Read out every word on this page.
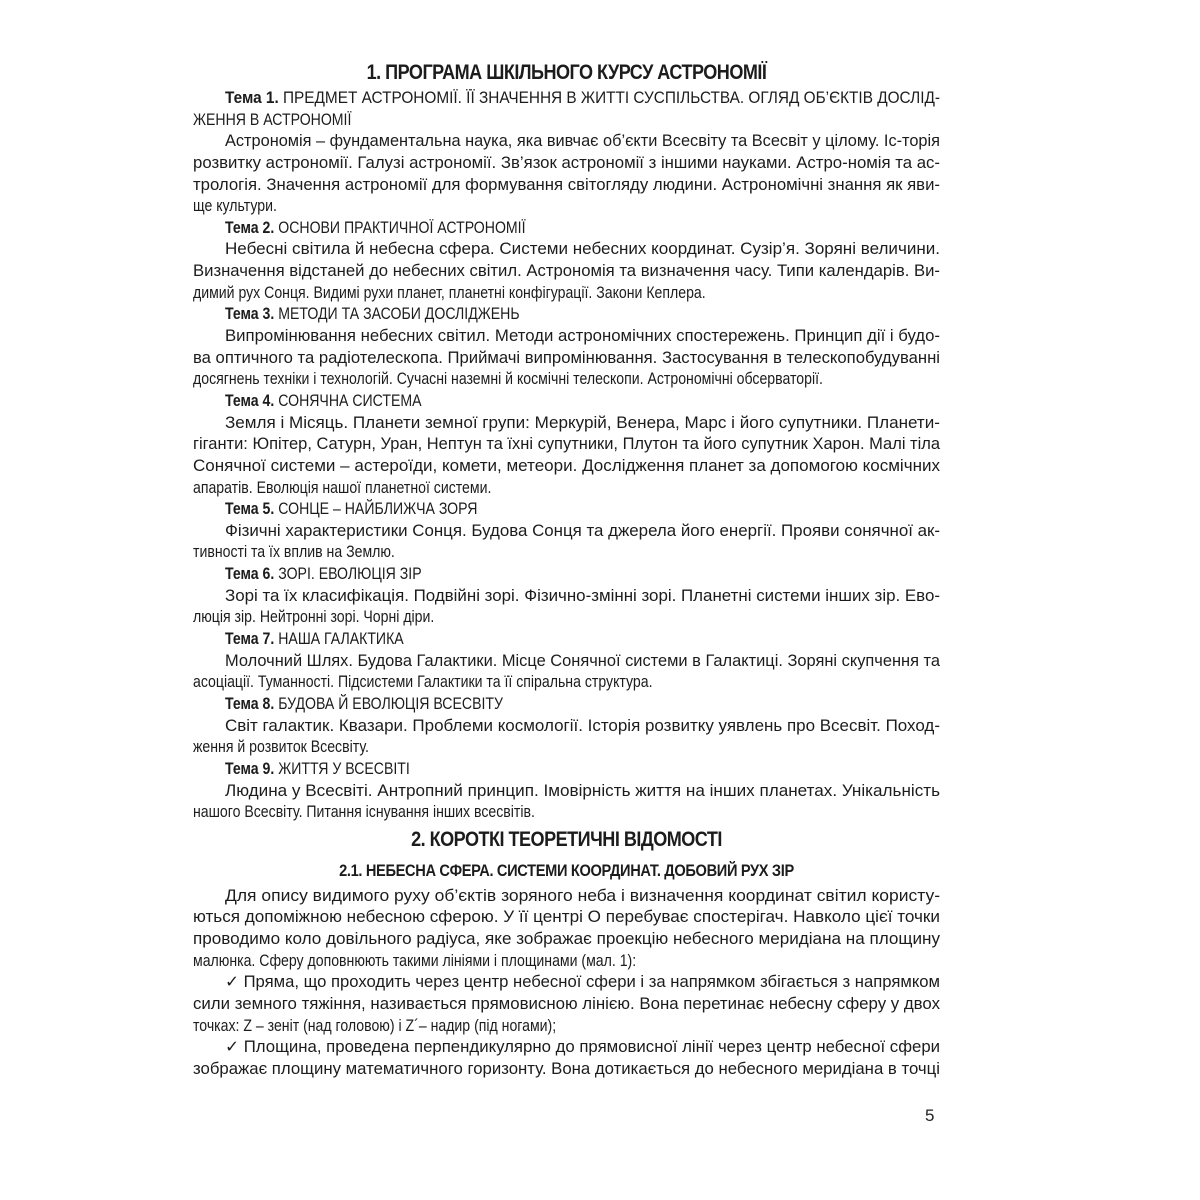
1. ПРОГРАМА ШКІЛЬНОГО КУРСУ АСТРОНОМІЇ
Тема 1. ПРЕДМЕТ АСТРОНОМІЇ. ЇЇ ЗНАЧЕННЯ В ЖИТТІ СУСПІЛЬСТВА. ОГЛЯД ОБ’ЄКТІВ ДОСЛІД-
ЖЕННЯ В АСТРОНОМІЇ
Астрономія – фундаментальна наука, яка вивчає об’єкти Всесвіту та Всесвіт у цілому. Іс-торія
розвитку астрономії. Галузі астрономії. Зв’язок астрономії з іншими науками. Астро-номія та ас-
трологія. Значення астрономії для формування світогляду людини. Астрономічні знання як яви-
ще культури.
Тема 2. ОСНОВИ ПРАКТИЧНОЇ АСТРОНОМІЇ
Небесні світила й небесна сфера. Системи небесних координат. Сузір’я. Зоряні величини.
Визначення відстаней до небесних світил. Астрономія та визначення часу. Типи календарів. Ви-
димий рух Сонця. Видимі рухи планет, планетні конфігурації. Закони Кеплера.
Тема 3. МЕТОДИ ТА ЗАСОБИ ДОСЛІДЖЕНЬ
Випромінювання небесних світил. Методи астрономічних спостережень. Принцип дії і будо-
ва оптичного та радіотелескопа. Приймачі випромінювання. Застосування в телескопобудуванні
досягнень техніки і технологій. Сучасні наземні й космічні телескопи. Астрономічні обсерваторії.
Тема 4. СОНЯЧНА СИСТЕМА
Земля і Місяць. Планети земної групи: Меркурій, Венера, Марс і його супутники. Планети-
гіганти: Юпітер, Сатурн, Уран, Нептун та їхні супутники, Плутон та його супутник Харон. Малі тіла
Сонячної системи – астероїди, комети, метеори. Дослідження планет за допомогою космічних
апаратів. Еволюція нашої планетної системи.
Тема 5. СОНЦЕ – НАЙБЛИЖЧА ЗОРЯ
Фізичні характеристики Сонця. Будова Сонця та джерела його енергії. Прояви сонячної ак-
тивності та їх вплив на Землю.
Тема 6. ЗОРІ. ЕВОЛЮЦІЯ ЗІР
Зорі та їх класифікація. Подвійні зорі. Фізично-змінні зорі. Планетні системи інших зір. Ево-
люція зір. Нейтронні зорі. Чорні діри.
Тема 7. НАША ГАЛАКТИКА
Молочний Шлях. Будова Галактики. Місце Сонячної системи в Галактиці. Зоряні скупчення та
асоціації. Туманності. Підсистеми Галактики та її спіральна структура.
Тема 8. БУДОВА Й ЕВОЛЮЦІЯ ВСЕСВІТУ
Світ галактик. Квазари. Проблеми космології. Історія розвитку уявлень про Всесвіт. Поход-
ження й розвиток Всесвіту.
Тема 9. ЖИТТЯ У ВСЕСВІТІ
Людина у Всесвіті. Антропний принцип. Імовірність життя на інших планетах. Унікальність
нашого Всесвіту. Питання існування інших всесвітів.
2. КОРОТКІ ТЕОРЕТИЧНІ ВІДОМОСТІ
2.1. НЕБЕСНА СФЕРА. СИСТЕМИ КООРДИНАТ. ДОБОВИЙ РУХ ЗІР
Для опису видимого руху об’єктів зоряного неба і визначення координат світил користу-
ються допоміжною небесною сферою. У її центрі О перебуває спостерігач. Навколо цієї точки
проводимо коло довільного радіуса, яке зображає проекцію небесного меридіана на площину
малюнка. Сферу доповнюють такими лініями і площинами (мал. 1):
✓ Пряма, що проходить через центр небесної сфери і за напрямком збігається з напрямком
сили земного тяжіння, називається прямовисною лінією. Вона перетинає небесну сферу у двох
точках: Z – зеніт (над головою) і Z´– надир (під ногами);
✓ Площина, проведена перпендикулярно до прямовисної лінії через центр небесної сфери
зображає площину математичного горизонту. Вона дотикається до небесного меридіана в точці
5
